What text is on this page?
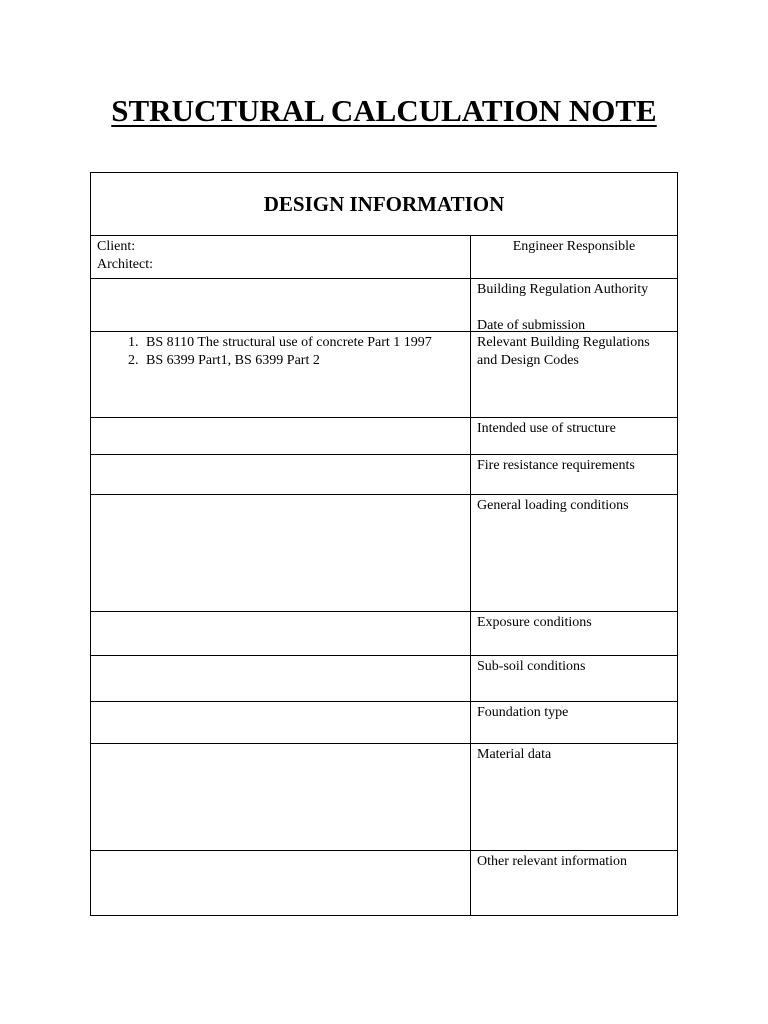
STRUCTURAL CALCULATION NOTE
DESIGN INFORMATION
Client:
Architect:
Engineer Responsible
Building Regulation Authority
Date of submission
1. BS 8110 The structural use of concrete Part 1 1997
2. BS 6399 Part1, BS 6399 Part 2
Relevant Building Regulations
and Design Codes
Intended use of structure
Fire resistance requirements
General loading conditions
Exposure conditions
Sub-soil conditions
Foundation type
Material data
Other relevant information
